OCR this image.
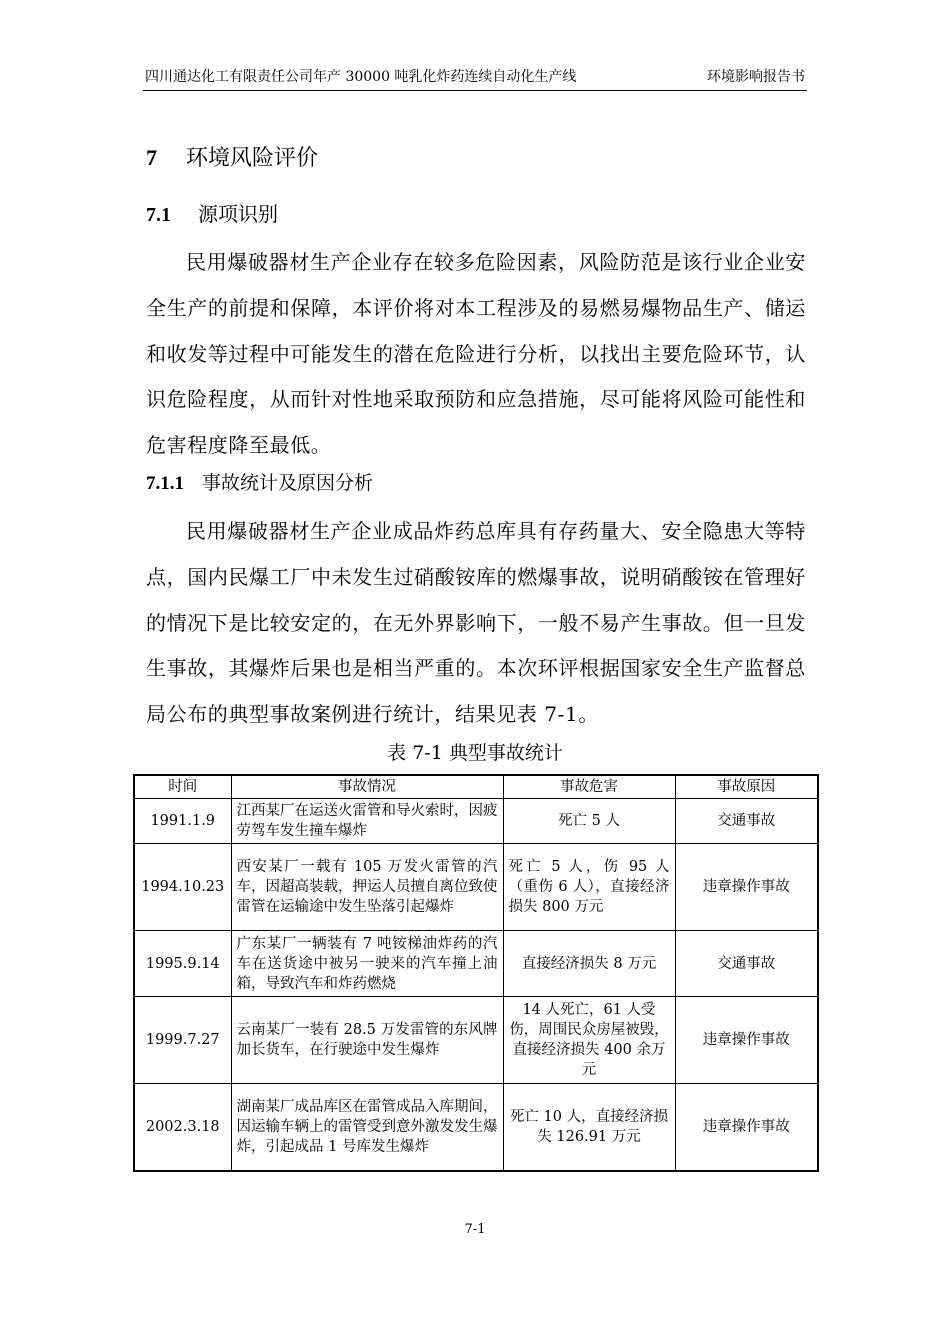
四川通达化工有限责任公司年产 30000 吨乳化炸药连续自动化生产线	环境影响报告书
7 环境风险评价
7.1 源项识别

民用爆破器材生产企业存在较多危险因素，风险防范是该行业企业安全生产的前提和保障，本评价将对本工程涉及的易燃易爆物品生产、储运和收发等过程中可能发生的潜在危险进行分析，以找出主要危险环节，认识危险程度，从而针对性地采取预防和应急措施，尽可能将风险可能性和危害程度降至最低。

7.1.1 事故统计及原因分析

民用爆破器材生产企业成品炸药总库具有存药量大、安全隐患大等特点，国内民爆工厂中未发生过硝酸铵库的燃爆事故，说明硝酸铵在管理好的情况下是比较安定的，在无外界影响下，一般不易产生事故。但一旦发生事故，其爆炸后果也是相当严重的。本次环评根据国家安全生产监督总局公布的典型事故案例进行统计，结果见表 7-1。

表 7-1 典型事故统计
时间	事故情况	事故危害	事故原因
1991.1.9	江西某厂在运送火雷管和导火索时，因疲劳驾车发生撞车爆炸	死亡 5 人	交通事故
1994.10.23	西安某厂一载有 105 万发火雷管的汽车，因超高装载，押运人员擅自离位致使雷管在运输途中发生坠落引起爆炸	死亡 5 人，伤 95 人（重伤 6 人），直接经济损失 800 万元	违章操作事故
1995.9.14	广东某厂一辆装有 7 吨铵梯油炸药的汽车在送货途中被另一驶来的汽车撞上油箱，导致汽车和炸药燃烧	直接经济损失 8 万元	交通事故
1999.7.27	云南某厂一装有 28.5 万发雷管的东风牌加长货车，在行驶途中发生爆炸	14 人死亡，61 人受伤，周围民众房屋被毁，直接经济损失 400 余万元	违章操作事故
2002.3.18	湖南某厂成品库区在雷管成品入库期间，因运输车辆上的雷管受到意外激发发生爆炸，引起成品 1 号库发生爆炸	死亡 10 人，直接经济损失 126.91 万元	违章操作事故
7-1
